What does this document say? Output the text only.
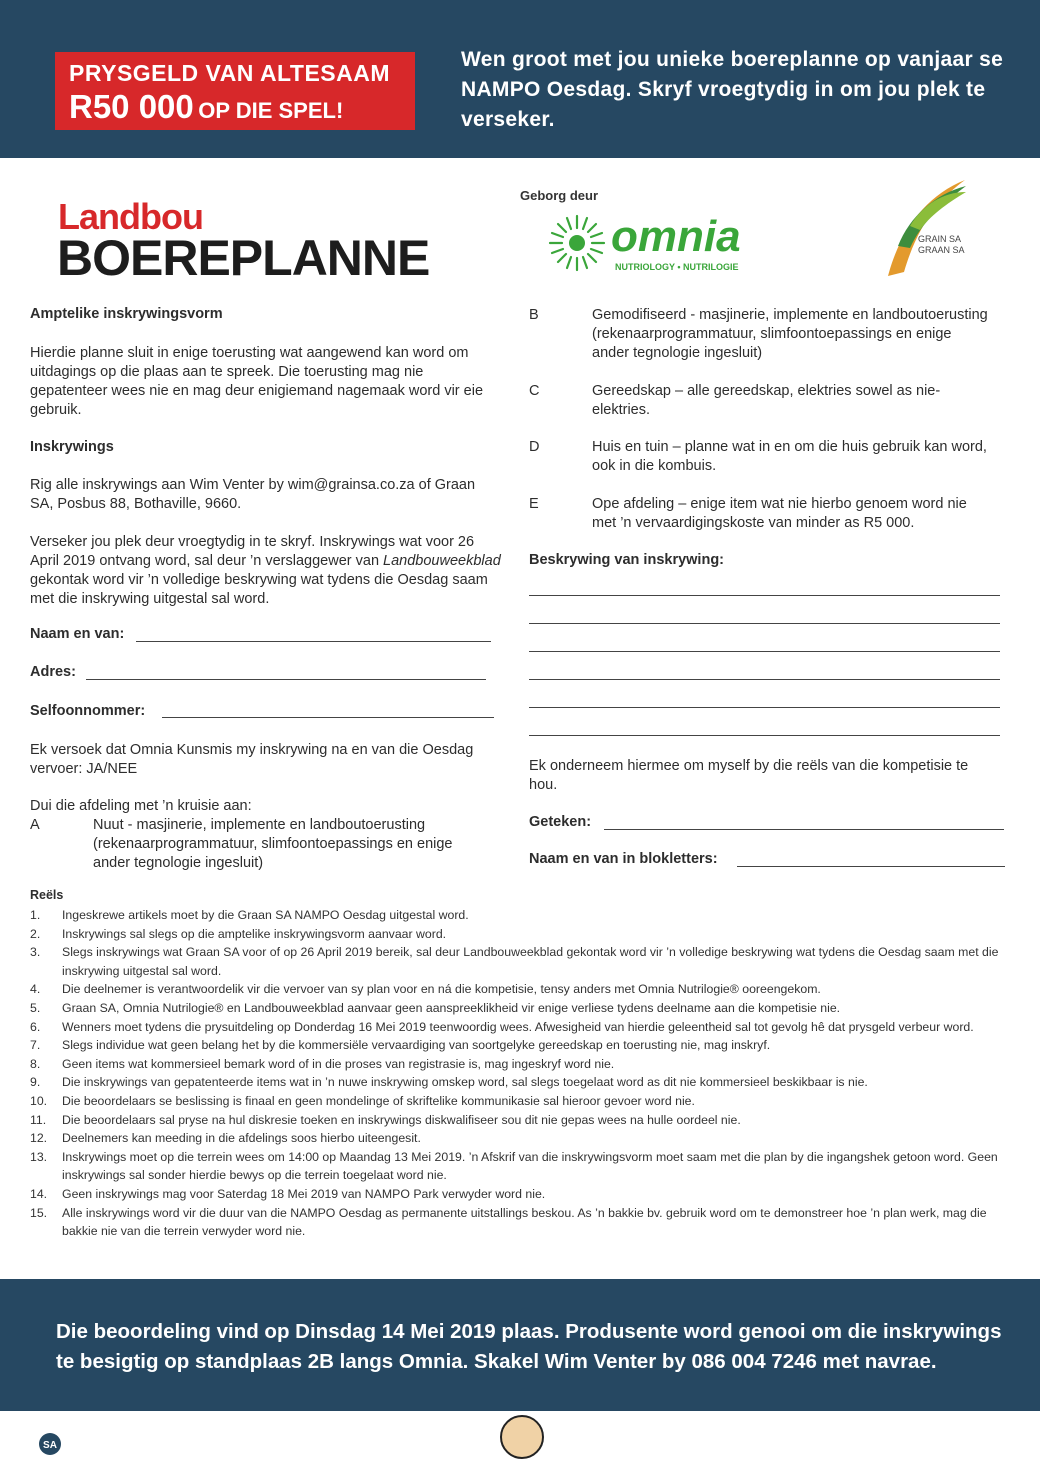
PRYSGELD VAN ALTESAAM
R50 000 OP DIE SPEL!
Wen groot met jou unieke boereplanne op vanjaar se NAMPO Oesdag. Skryf vroegtydig in om jou plek te verseker.
Landbou
BOEREPLANNE
Geborg deur
omnia
NUTRIOLOGY • NUTRILOGIE
GRAIN SA
GRAAN SA
Amptelike inskrywingsvorm
Hierdie planne sluit in enige toerusting wat aangewend kan word om uitdagings op die plaas aan te spreek. Die toerusting mag nie gepatenteer wees nie en mag deur enigiemand nagemaak word vir eie gebruik.
Inskrywings
Rig alle inskrywings aan Wim Venter by wim@grainsa.co.za of Graan SA, Posbus 88, Bothaville, 9660.
Verseker jou plek deur vroegtydig in te skryf. Inskrywings wat voor 26 April 2019 ontvang word, sal deur ’n verslaggewer van Landbouweekblad gekontak word vir ’n volledige beskrywing wat tydens die Oesdag saam met die inskrywing uitgestal sal word.
Naam en van:
Adres:
Selfoonnommer:
Ek versoek dat Omnia Kunsmis my inskrywing na en van die Oesdag vervoer: JA/NEE
Dui die afdeling met ’n kruisie aan:
A	Nuut - masjinerie, implemente en landboutoerusting (rekenaarprogrammatuur, slimfoontoepassings en enige ander tegnologie ingesluit)
B	Gemodifiseerd - masjinerie, implemente en landboutoerusting (rekenaarprogrammatuur, slimfoontoepassings en enige ander tegnologie ingesluit)
C	Gereedskap – alle gereedskap, elektries sowel as nie-elektries.
D	Huis en tuin – planne wat in en om die huis gebruik kan word, ook in die kombuis.
E	Ope afdeling – enige item wat nie hierbo genoem word nie met ’n vervaardigingskoste van minder as R5 000.
Beskrywing van inskrywing:
Ek onderneem hiermee om myself by die reëls van die kompetisie te hou.
Geteken:
Naam en van in blokletters:
Reëls
1.	Ingeskrewe artikels moet by die Graan SA NAMPO Oesdag uitgestal word.
2.	Inskrywings sal slegs op die amptelike inskrywingsvorm aanvaar word.
3.	Slegs inskrywings wat Graan SA voor of op 26 April 2019 bereik, sal deur Landbouweekblad gekontak word vir ’n volledige beskrywing wat tydens die Oesdag saam met die inskrywing uitgestal sal word.
4.	Die deelnemer is verantwoordelik vir die vervoer van sy plan voor en ná die kompetisie, tensy anders met Omnia Nutrilogie® ooreengekom.
5.	Graan SA, Omnia Nutrilogie® en Landbouweekblad aanvaar geen aanspreeklikheid vir enige verliese tydens deelname aan die kompetisie nie.
6.	Wenners moet tydens die prysuitdeling op Donderdag 16 Mei 2019 teenwoordig wees. Afwesigheid van hierdie geleentheid sal tot gevolg hê dat prysgeld verbeur word.
7.	Slegs individue wat geen belang het by die kommersiële vervaardiging van soortgelyke gereedskap en toerusting nie, mag inskryf.
8.	Geen items wat kommersieel bemark word of in die proses van registrasie is, mag ingeskryf word nie.
9.	Die inskrywings van gepatenteerde items wat in ’n nuwe inskrywing omskep word, sal slegs toegelaat word as dit nie kommersieel beskikbaar is nie.
10.	Die beoordelaars se beslissing is finaal en geen mondelinge of skriftelike kommunikasie sal hieroor gevoer word nie.
11.	Die beoordelaars sal pryse na hul diskresie toeken en inskrywings diskwalifiseer sou dit nie gepas wees na hulle oordeel nie.
12.	Deelnemers kan meeding in die afdelings soos hierbo uiteengesit.
13.	Inskrywings moet op die terrein wees om 14:00 op Maandag 13 Mei 2019. ’n Afskrif van die inskrywingsvorm moet saam met die plan by die ingangshek getoon word. Geen inskrywings sal sonder hierdie bewys op die terrein toegelaat word nie.
14.	Geen inskrywings mag voor Saterdag 18 Mei 2019 van NAMPO Park verwyder word nie.
15.	Alle inskrywings word vir die duur van die NAMPO Oesdag as permanente uitstallings beskou. As ’n bakkie bv. gebruik word om te demonstreer hoe ’n plan werk, mag die bakkie nie van die terrein verwyder word nie.
Die beoordeling vind op Dinsdag 14 Mei 2019 plaas. Produsente word genooi om die inskrywings te besigtig op standplaas 2B langs Omnia. Skakel Wim Venter by 086 004 7246 met navrae.
SA
